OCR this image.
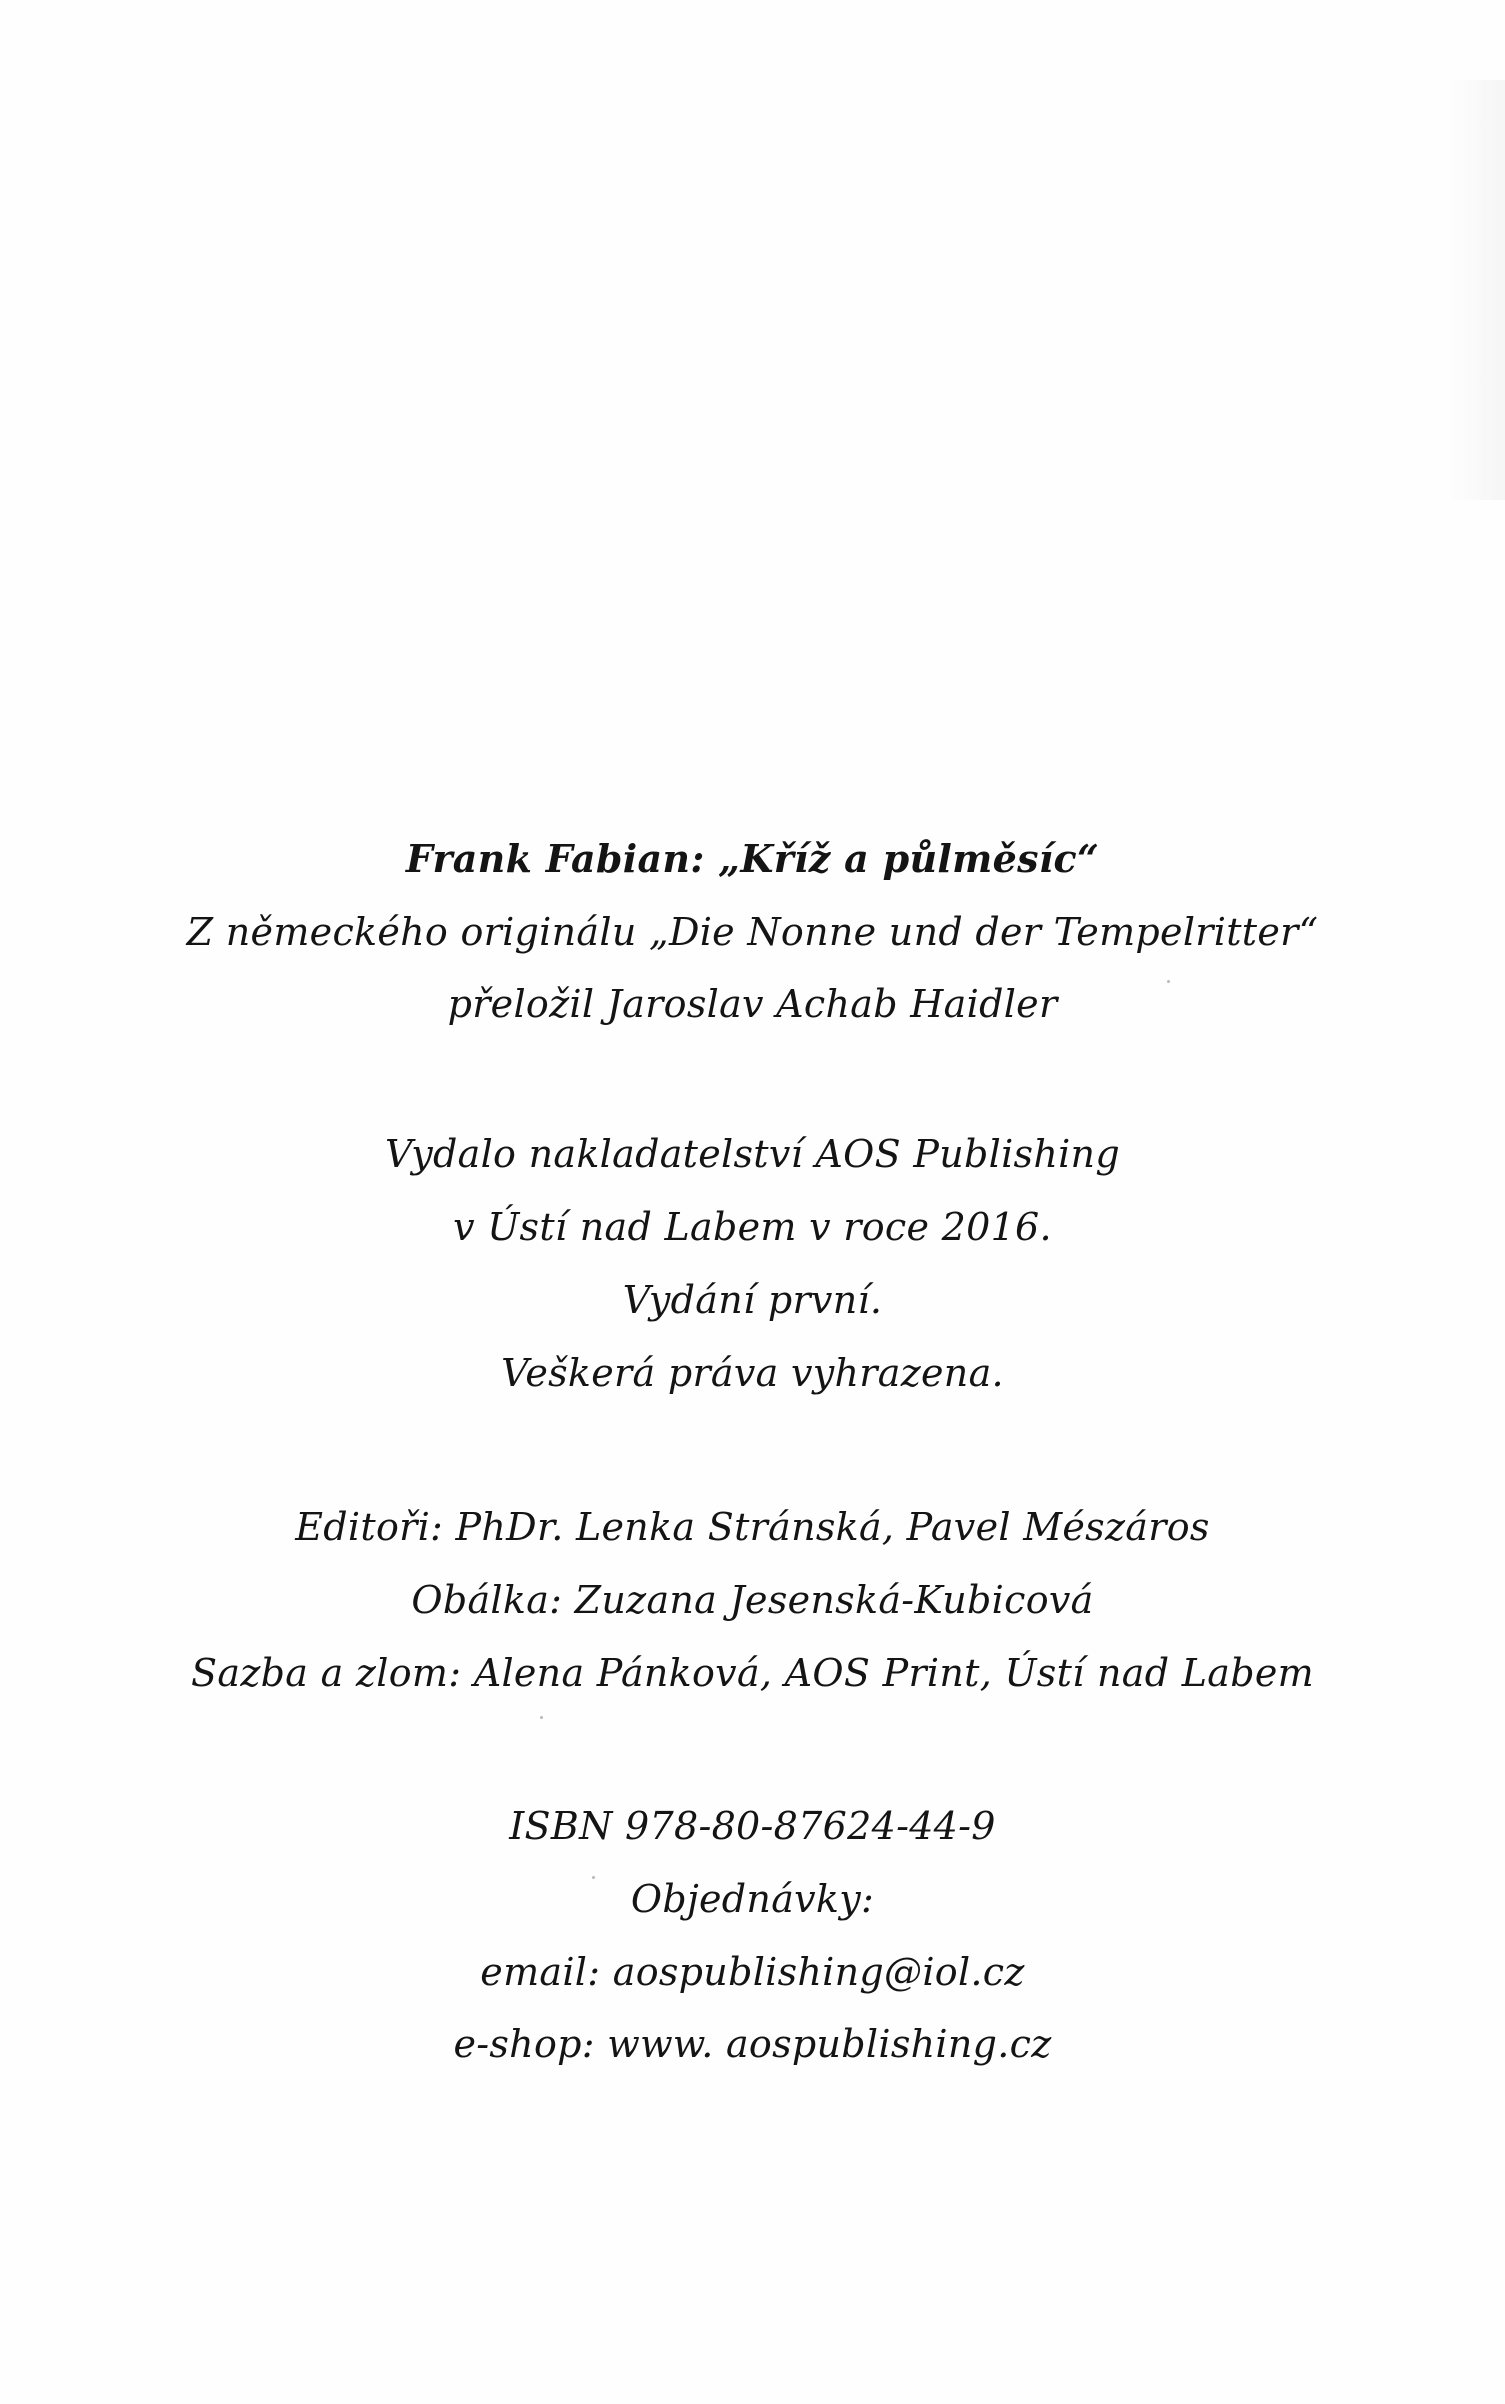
Frank Fabian: „Kříž a půlměsíc“
Z německého originálu „Die Nonne und der Tempelritter“
přeložil Jaroslav Achab Haidler
Vydalo nakladatelství AOS Publishing
v Ústí nad Labem v roce 2016.
Vydání první.
Veškerá práva vyhrazena.
Editoři: PhDr. Lenka Stránská, Pavel Mészáros
Obálka: Zuzana Jesenská-Kubicová
Sazba a zlom: Alena Pánková, AOS Print, Ústí nad Labem
ISBN 978-80-87624-44-9
Objednávky:
email: aospublishing@iol.cz
e-shop: www. aospublishing.cz
